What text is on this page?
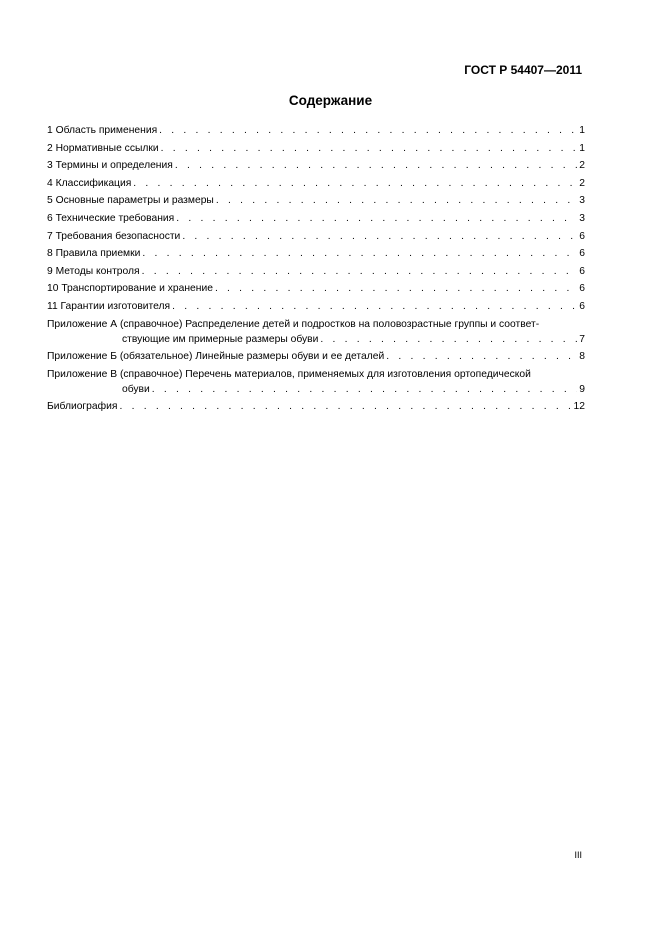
ГОСТ Р 54407—2011
Содержание
1 Область применения . . .	1
2 Нормативные ссылки . . .	1
3 Термины и определения . . .	2
4 Классификация . . .	2
5 Основные параметры и размеры . . .	3
6 Технические требования . . .	3
7 Требования безопасности . . .	6
8 Правила приемки . . .	6
9 Методы контроля . . .	6
10 Транспортирование и хранение . . .	6
11 Гарантии изготовителя . . .	6
Приложение А (справочное) Распределение детей и подростков на половозрастные группы и соответ-
ствующие им примерные размеры обуви . . .	7
Приложение Б (обязательное) Линейные размеры обуви и ее деталей . . .	8
Приложение В (справочное) Перечень материалов, применяемых для изготовления ортопедической
обуви . . .	9
Библиография . . .	12
III
